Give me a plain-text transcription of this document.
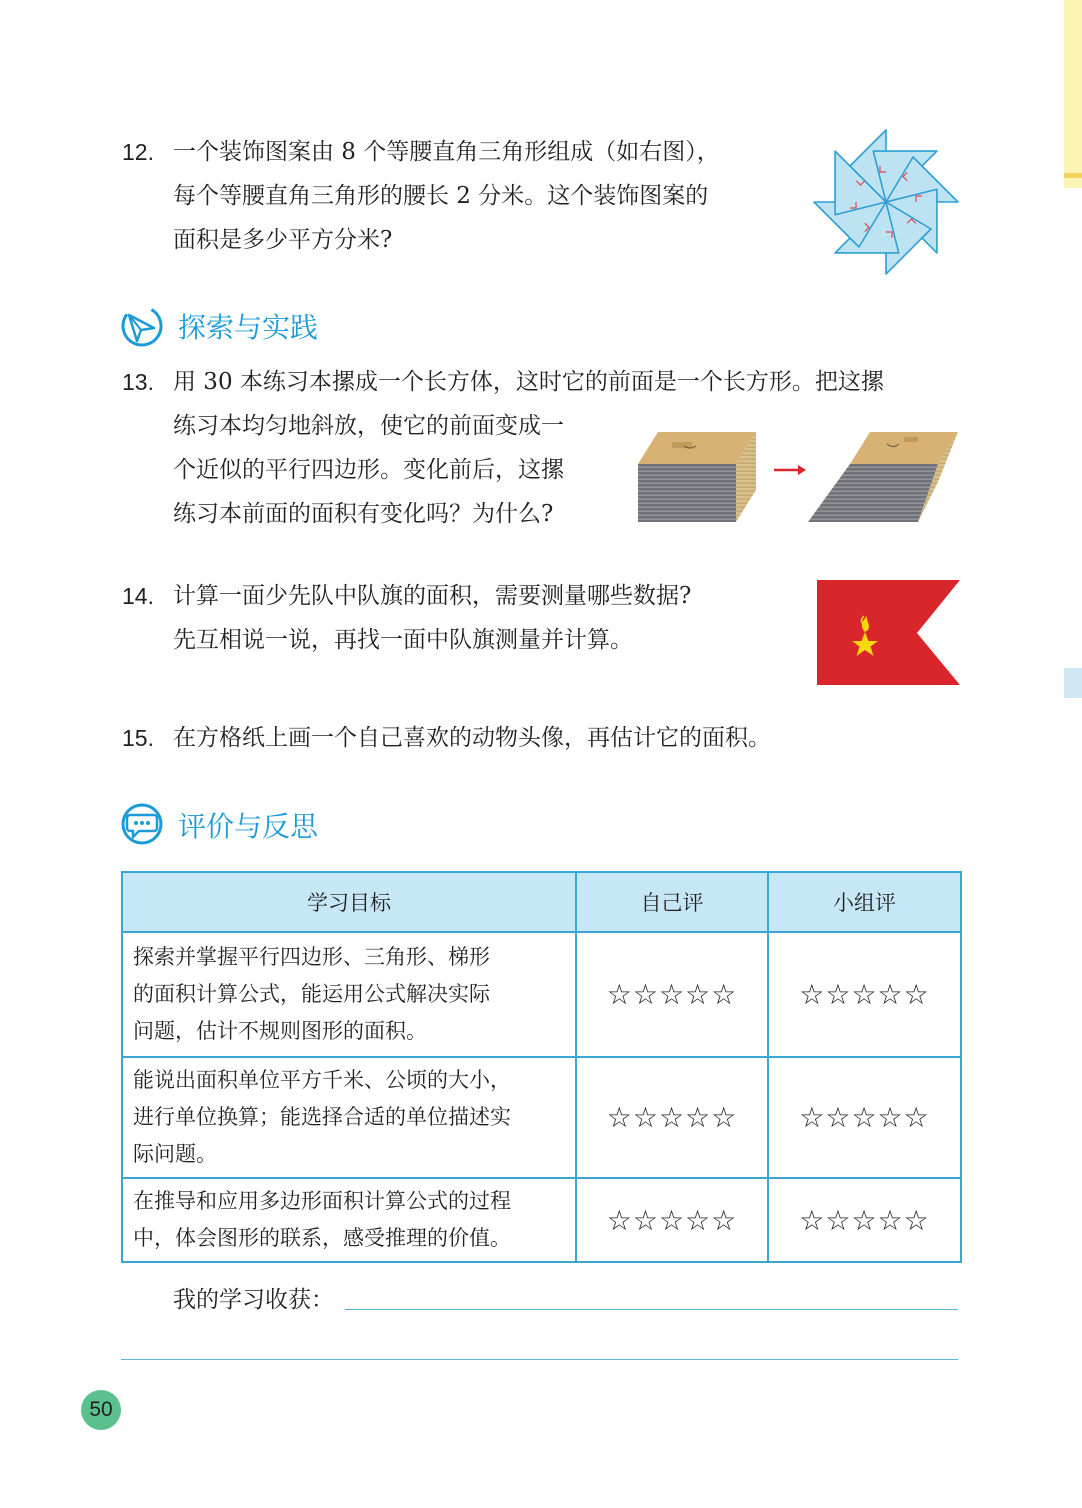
12. 一个装饰图案由 8 个等腰直角三角形组成（如右图），
每个等腰直角三角形的腰长 2 分米。这个装饰图案的
面积是多少平方分米?
探索与实践
13. 用 30 本练习本摞成一个长方体，这时它的前面是一个长方形。把这摞
练习本均匀地斜放，使它的前面变成一
个近似的平行四边形。变化前后，这摞
练习本前面的面积有变化吗？为什么?
14. 计算一面少先队中队旗的面积，需要测量哪些数据?
先互相说一说，再找一面中队旗测量并计算。
15. 在方格纸上画一个自己喜欢的动物头像，再估计它的面积。
评价与反思
学习目标	自己评	小组评

探索并掌握平行四边形、三角形、梯形
的面积计算公式，能运用公式解决实际
问题，估计不规则图形的面积。	☆☆☆☆☆	☆☆☆☆☆

能说出面积单位平方千米、公顷的大小，
进行单位换算；能选择合适的单位描述实
际问题。	☆☆☆☆☆	☆☆☆☆☆

在推导和应用多边形面积计算公式的过程
中，体会图形的联系，感受推理的价值。	☆☆☆☆☆	☆☆☆☆☆
我的学习收获：
50
